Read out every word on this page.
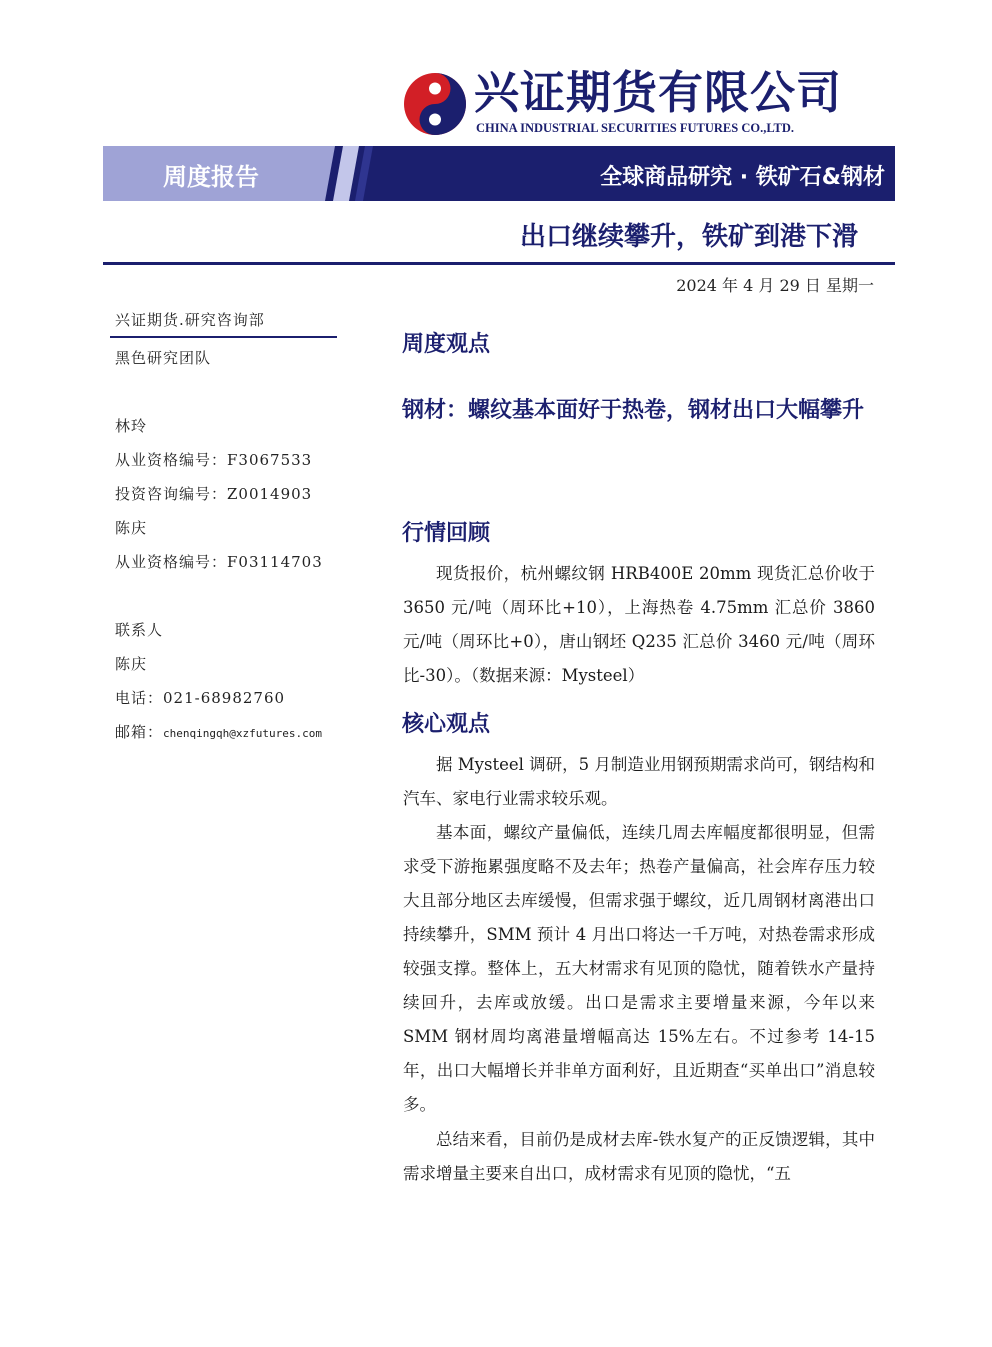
兴证期货有限公司
CHINA INDUSTRIAL SECURITIES FUTURES CO.,LTD.
周度报告	全球商品研究 · 铁矿石&钢材
出口继续攀升，铁矿到港下滑
2024 年 4 月 29 日 星期一
兴证期货.研究咨询部
黑色研究团队
林玲
从业资格编号：F3067533
投资咨询编号：Z0014903
陈庆
从业资格编号：F03114703
联系人
陈庆
电话：021-68982760
邮箱：chenqingqh@xzfutures.com
周度观点
钢材：螺纹基本面好于热卷，钢材出口大幅攀升
行情回顾
现货报价，杭州螺纹钢 HRB400E 20mm 现货汇总价收于 3650 元/吨（周环比+10），上海热卷 4.75mm 汇总价 3860 元/吨（周环比+0），唐山钢坯 Q235 汇总价 3460 元/吨（周环比-30）。（数据来源：Mysteel）
核心观点
据 Mysteel 调研，5 月制造业用钢预期需求尚可，钢结构和汽车、家电行业需求较乐观。
基本面，螺纹产量偏低，连续几周去库幅度都很明显，但需求受下游拖累强度略不及去年；热卷产量偏高，社会库存压力较大且部分地区去库缓慢，但需求强于螺纹，近几周钢材离港出口持续攀升，SMM 预计 4 月出口将达一千万吨，对热卷需求形成较强支撑。整体上，五大材需求有见顶的隐忧，随着铁水产量持续回升，去库或放缓。出口是需求主要增量来源，今年以来 SMM 钢材周均离港量增幅高达 15%左右。不过参考 14-15 年，出口大幅增长并非单方面利好，且近期查“买单出口”消息较多。
总结来看，目前仍是成材去库-铁水复产的正反馈逻辑，其中需求增量主要来自出口，成材需求有见顶的隐忧，“五
